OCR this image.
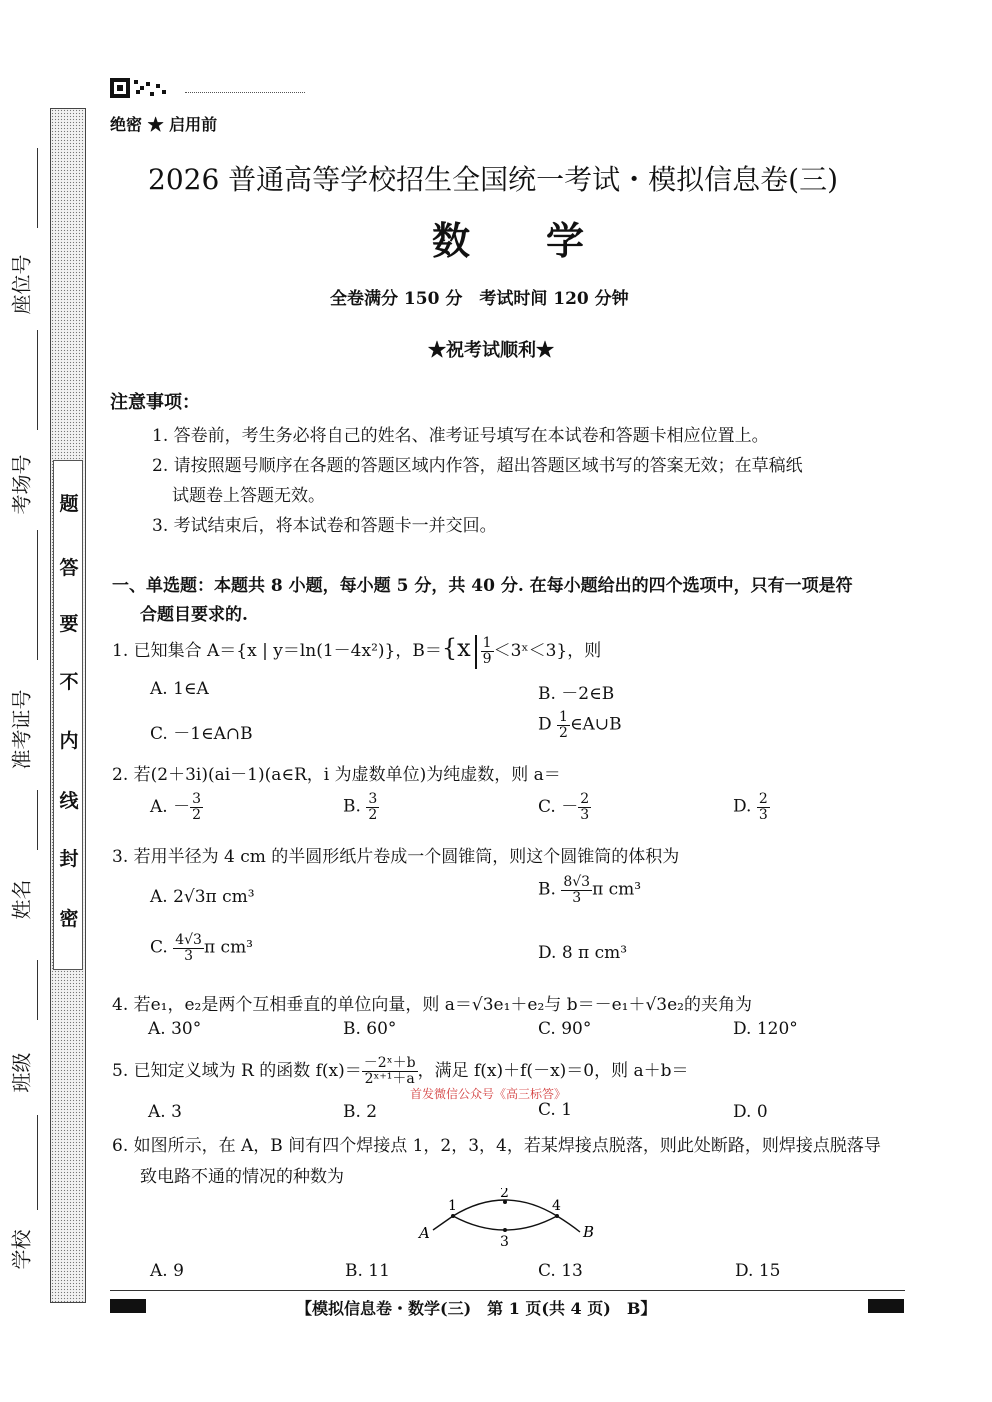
座位号
考场号
准考证号
姓名
班级
学校
题
答
要
不
内
线
封
密
绝密 ★ 启用前
2026 普通高等学校招生全国统一考试・模拟信息卷(三)
数　　学
全卷满分 150 分　考试时间 120 分钟
★祝考试顺利★
注意事项：
1. 答卷前，考生务必将自己的姓名、准考证号填写在本试卷和答题卡相应位置上。
2. 请按照题号顺序在各题的答题区域内作答，超出答题区域书写的答案无效；在草稿纸
试题卷上答题无效。
3. 考试结束后，将本试卷和答题卡一并交回。
一、单选题：本题共 8 小题，每小题 5 分，共 40 分. 在每小题给出的四个选项中，只有一项是符
合题目要求的.
1. 已知集合 A＝{x | y＝ln(1－4x²)}，$B=\{x \frac{1}{9}$ ＜3ˣ＜3}，则
A. 1∈A	B. －2∈B
C. －1∈A∩B	D $\frac{1}{2}$ ∈A∪B
2. 若(2＋3i)(ai－1)(a∈R，i 为虚数单位)为纯虚数，则 a＝
A. － $\frac{3}{2}$	B. $\frac{3}{2}$	C. － $\frac{2}{3}$	D. $\frac{2}{3}$
3. 若用半径为 4 cm 的半圆形纸片卷成一个圆锥筒，则这个圆锥筒的体积为
A. 2√3π cm³	B. $\frac{8√3}{3}$ π cm³
C. $\frac{4√3}{3}$ π cm³	D. 8 π cm³
4. 若e₁，e₂是两个互相垂直的单位向量，则 a＝√3e₁＋e₂与 b＝－e₁＋√3e₂的夹角为
A. 30°	B. 60°	C. 90°	D. 120°
5. 已知定义域为 R 的函数 $f(x)= \frac{\text{－2ˣ＋b}}{\text{2ˣ⁺¹＋a}}$ ，满足 f(x)＋f(－x)＝0，则 a＋b＝
首发微信公众号《高三标答》
A. 3	B. 2	C. 1	D. 0
6. 如图所示，在 A，B 间有四个焊接点 1，2，3，4，若某焊接点脱落，则此处断路，则焊接点脱落导
致电路不通的情况的种数为
A	B
1
2
3
4
A. 9	B. 11	C. 13	D. 15
【模拟信息卷・数学(三)　第 1 页(共 4 页)　B】
